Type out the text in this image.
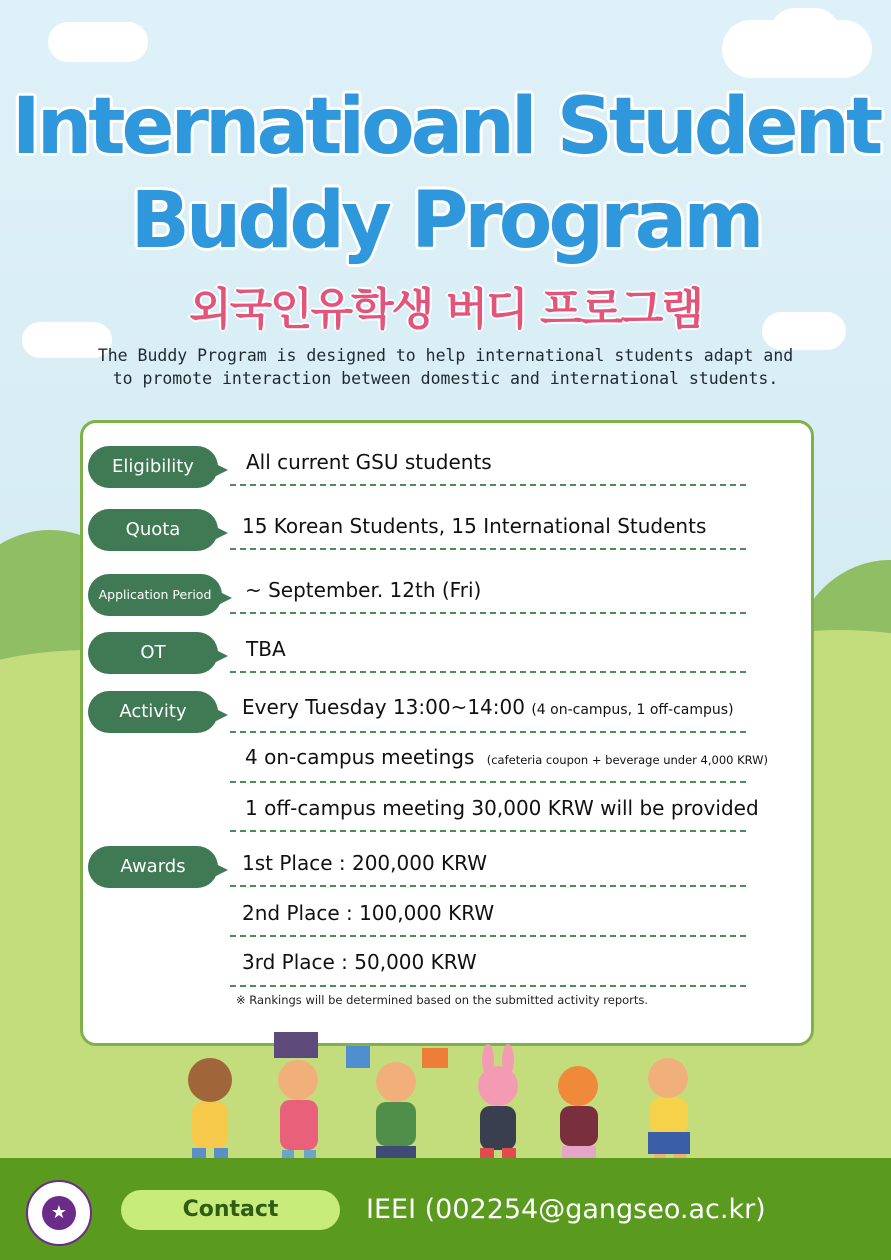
Internatioanl Student
Buddy Program
외국인유학생 버디 프로그램
The Buddy Program is designed to help international students adapt and
to promote interaction between domestic and international students.
Eligibility	All current GSU students
Quota	15 Korean Students, 15 International Students
Application Period	~ September. 12th (Fri)
OT	TBA
Activity	Every Tuesday 13:00~14:00 (4 on-campus, 1 off-campus)
4 on-campus meetings (cafeteria coupon + beverage under 4,000 KRW)
1 off-campus meeting 30,000 KRW will be provided
Awards	1st Place : 200,000 KRW
2nd Place : 100,000 KRW
3rd Place : 50,000 KRW
※ Rankings will be determined based on the submitted activity reports.
★	Contact	IEEI (002254@gangseo.ac.kr)
